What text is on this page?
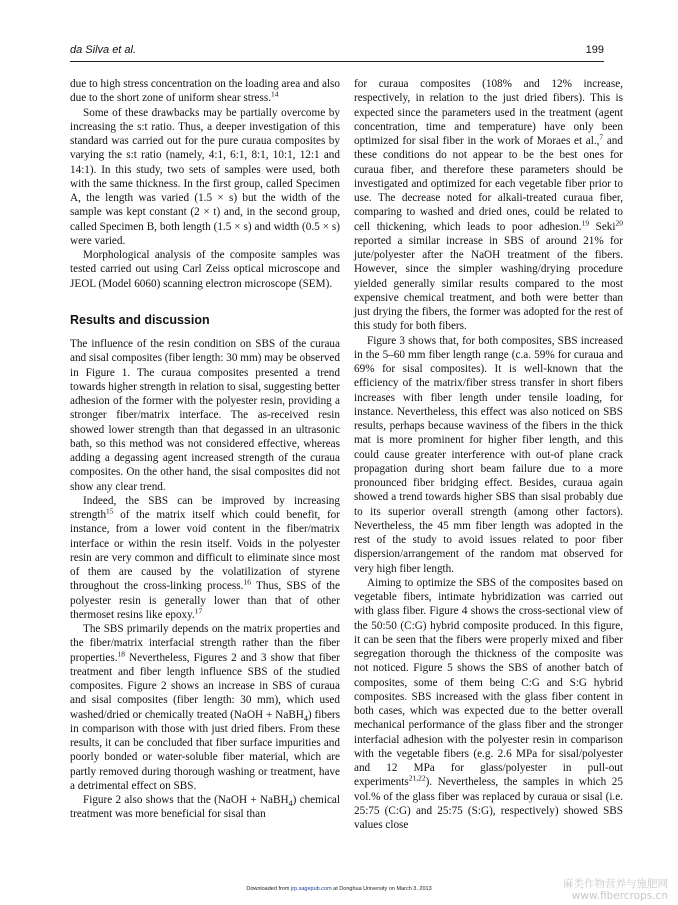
da Silva et al.	199

due to high stress concentration on the loading area and also due to the short zone of uniform shear stress.$^{14}$

Some of these drawbacks may be partially overcome by increasing the s:t ratio. Thus, a deeper investigation of this standard was carried out for the pure curaua composites by varying the s:t ratio (namely, 4:1, 6:1, 8:1, 10:1, 12:1 and 14:1). In this study, two sets of samples were used, both with the same thickness. In the first group, called Specimen A, the length was varied (1.5 × s) but the width of the sample was kept constant (2 × t) and, in the second group, called Specimen B, both length (1.5 × s) and width (0.5 × s) were varied.

Morphological analysis of the composite samples was tested carried out using Carl Zeiss optical microscope and JEOL (Model 6060) scanning electron microscope (SEM).

Results and discussion

The influence of the resin condition on SBS of the curaua and sisal composites (fiber length: 30 mm) may be observed in Figure 1. The curaua composites presented a trend towards higher strength in relation to sisal, suggesting better adhesion of the former with the polyester resin, providing a stronger fiber/matrix interface. The as-received resin showed lower strength than that degassed in an ultrasonic bath, so this method was not considered effective, whereas adding a degassing agent increased strength of the curaua composites. On the other hand, the sisal composites did not show any clear trend.

Indeed, the SBS can be improved by increasing strength$^{15}$ of the matrix itself which could benefit, for instance, from a lower void content in the fiber/matrix interface or within the resin itself. Voids in the polyester resin are very common and difficult to eliminate since most of them are caused by the volatilization of styrene throughout the cross-linking process.$^{16}$ Thus, SBS of the polyester resin is generally lower than that of other thermoset resins like epoxy.$^{17}$

The SBS primarily depends on the matrix properties and the fiber/matrix interfacial strength rather than the fiber properties.$^{18}$ Nevertheless, Figures 2 and 3 show that fiber treatment and fiber length influence SBS of the studied composites. Figure 2 shows an increase in SBS of curaua and sisal composites (fiber length: 30 mm), which used washed/dried or chemically treated (NaOH + NaBH$_4$) fibers in comparison with those with just dried fibers. From these results, it can be concluded that fiber surface impurities and poorly bonded or water-soluble fiber material, which are partly removed during thorough washing or treatment, have a detrimental effect on SBS.

Figure 2 also shows that the (NaOH + NaBH$_4$) chemical treatment was more beneficial for sisal than

for curaua composites (108% and 12% increase, respectively, in relation to the just dried fibers). This is expected since the parameters used in the treatment (agent concentration, time and temperature) have only been optimized for sisal fiber in the work of Moraes et al.,$^7$ and these conditions do not appear to be the best ones for curaua fiber, and therefore these parameters should be investigated and optimized for each vegetable fiber prior to use. The decrease noted for alkali-treated curaua fiber, comparing to washed and dried ones, could be related to cell thickening, which leads to poor adhesion.$^{19}$ Seki$^{20}$ reported a similar increase in SBS of around 21% for jute/polyester after the NaOH treatment of the fibers. However, since the simpler washing/drying procedure yielded generally similar results compared to the most expensive chemical treatment, and both were better than just drying the fibers, the former was adopted for the rest of this study for both fibers.

Figure 3 shows that, for both composites, SBS increased in the 5–60 mm fiber length range (c.a. 59% for curaua and 69% for sisal composites). It is well-known that the efficiency of the matrix/fiber stress transfer in short fibers increases with fiber length under tensile loading, for instance. Nevertheless, this effect was also noticed on SBS results, perhaps because waviness of the fibers in the thick mat is more prominent for higher fiber length, and this could cause greater interference with out-of plane crack propagation during short beam failure due to a more pronounced fiber bridging effect. Besides, curaua again showed a trend towards higher SBS than sisal probably due to its superior overall strength (among other factors). Nevertheless, the 45 mm fiber length was adopted in the rest of the study to avoid issues related to poor fiber dispersion/arrangement of the random mat observed for very high fiber length.

Aiming to optimize the SBS of the composites based on vegetable fibers, intimate hybridization was carried out with glass fiber. Figure 4 shows the cross-sectional view of the 50:50 (C:G) hybrid composite produced. In this figure, it can be seen that the fibers were properly mixed and fiber segregation thorough the thickness of the composite was not noticed. Figure 5 shows the SBS of another batch of composites, some of them being C:G and S:G hybrid composites. SBS increased with the glass fiber content in both cases, which was expected due to the better overall mechanical performance of the glass fiber and the stronger interfacial adhesion with the polyester resin in comparison with the vegetable fibers (e.g. 2.6 MPa for sisal/polyester and 12 MPa for glass/polyester in pull-out experiments$^{21,22}$). Nevertheless, the samples in which 25 vol.% of the glass fiber was replaced by curaua or sisal (i.e. 25:75 (C:G) and 25:75 (S:G), respectively) showed SBS values close

Downloaded from jrp.sagepub.com at Donghua University on March 3, 2013	麻类作物营养与施肥网
www.fibercrops.cn
